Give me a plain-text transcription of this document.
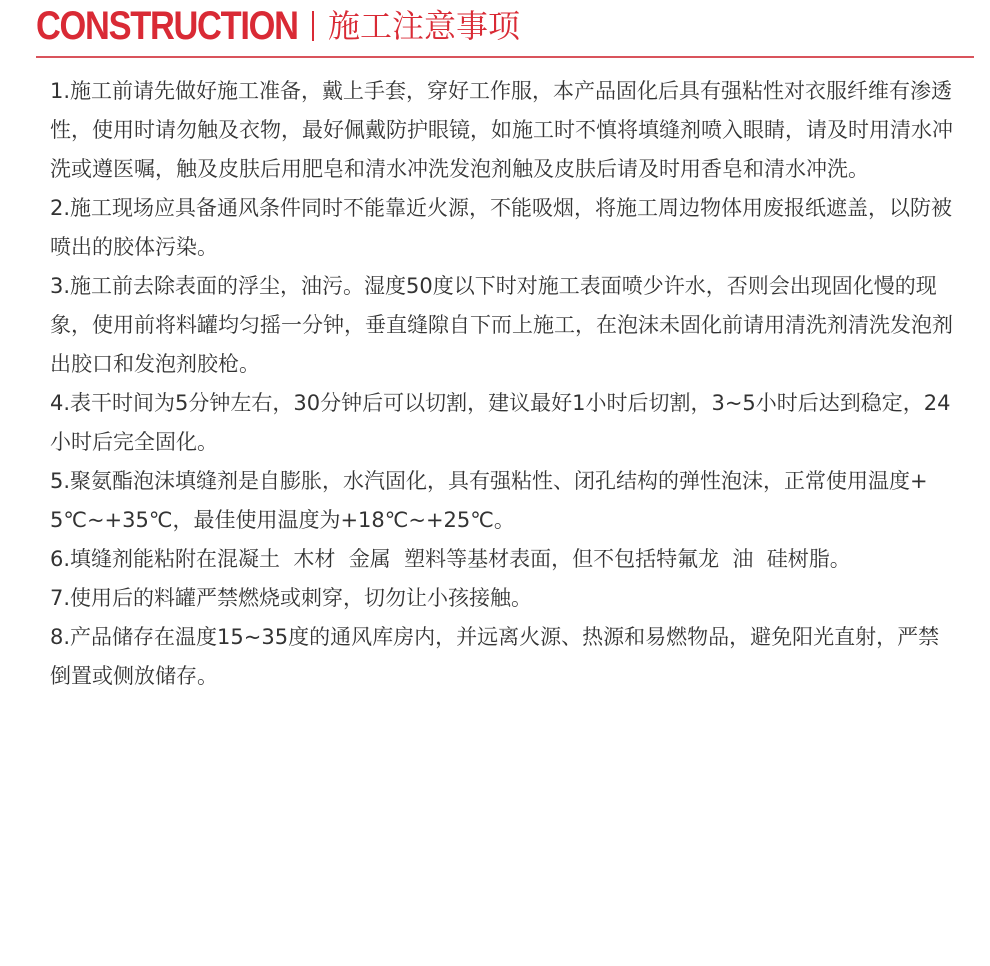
CONSTRUCTION 施工注意事项

1.施工前请先做好施工准备，戴上手套，穿好工作服，本产品固化后具有强粘性对衣服纤维有渗透性，使用时请勿触及衣物，最好佩戴防护眼镜，如施工时不慎将填缝剂喷入眼睛，请及时用清水冲洗或遵医嘱，触及皮肤后用肥皂和清水冲洗发泡剂触及皮肤后请及时用香皂和清水冲洗。

2.施工现场应具备通风条件同时不能靠近火源，不能吸烟，将施工周边物体用废报纸遮盖，以防被喷出的胶体污染。

3.施工前去除表面的浮尘，油污。湿度50度以下时对施工表面喷少许水，否则会出现固化慢的现象，使用前将料罐均匀摇一分钟，垂直缝隙自下而上施工，在泡沫未固化前请用清洗剂清洗发泡剂出胶口和发泡剂胶枪。

4.表干时间为5分钟左右，30分钟后可以切割，建议最好1小时后切割，3~5小时后达到稳定，24小时后完全固化。

5.聚氨酯泡沫填缝剂是自膨胀，水汽固化，具有强粘性、闭孔结构的弹性泡沫，正常使用温度+5℃~+35℃，最佳使用温度为+18℃~+25℃。

6.填缝剂能粘附在混凝土  木材  金属  塑料等基材表面，但不包括特氟龙  油  硅树脂。

7.使用后的料罐严禁燃烧或刺穿，切勿让小孩接触。

8.产品储存在温度15~35度的通风库房内，并远离火源、热源和易燃物品，避免阳光直射，严禁倒置或侧放储存。
